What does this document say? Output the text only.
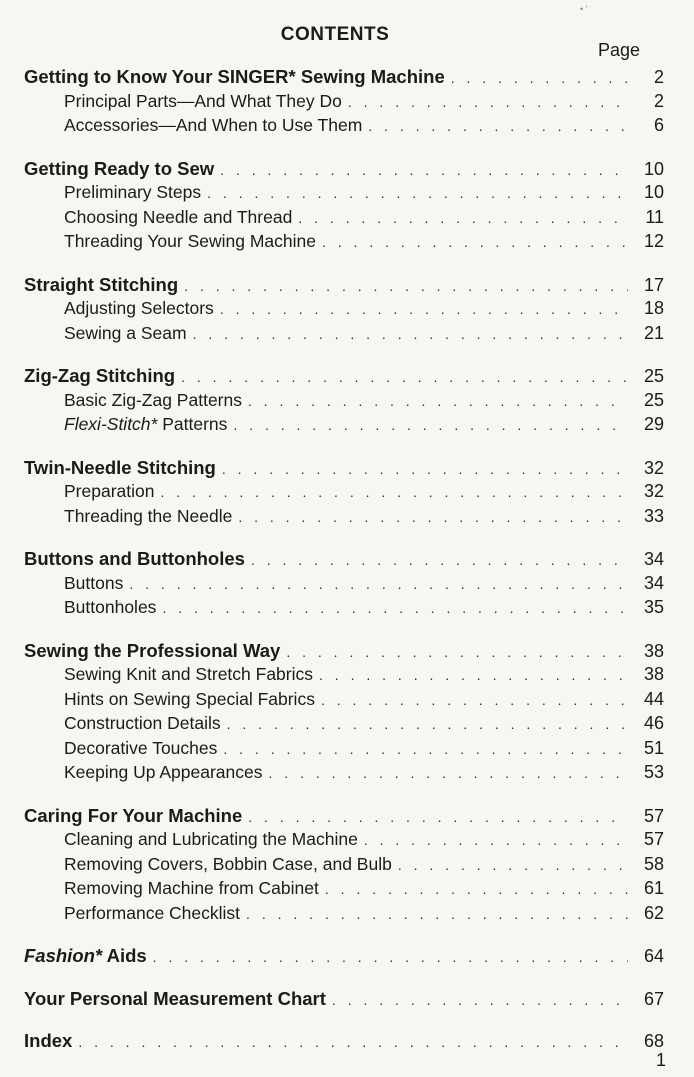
• ’
CONTENTS
Page
Getting to Know Your SINGER* Sewing Machine . . .	2
Principal Parts—And What They Do . . .	2
Accessories—And When to Use Them . . .	6
Getting Ready to Sew . . .	10
Preliminary Steps . . .	10
Choosing Needle and Thread . . .	11
Threading Your Sewing Machine . . .	12
Straight Stitching . . .	17
Adjusting Selectors . . .	18
Sewing a Seam . . .	21
Zig-Zag Stitching . . .	25
Basic Zig-Zag Patterns . . .	25
Flexi-Stitch* Patterns . . .	29
Twin-Needle Stitching . . .	32
Preparation . . .	32
Threading the Needle . . .	33
Buttons and Buttonholes . . .	34
Buttons . . .	34
Buttonholes . . .	35
Sewing the Professional Way . . .	38
Sewing Knit and Stretch Fabrics . . .	38
Hints on Sewing Special Fabrics . . .	44
Construction Details . . .	46
Decorative Touches . . .	51
Keeping Up Appearances . . .	53
Caring For Your Machine . . .	57
Cleaning and Lubricating the Machine . . .	57
Removing Covers, Bobbin Case, and Bulb . . .	58
Removing Machine from Cabinet . . .	61
Performance Checklist . . .	62
Fashion* Aids . . .	64
Your Personal Measurement Chart . . .	67
Index . . .	68
1
